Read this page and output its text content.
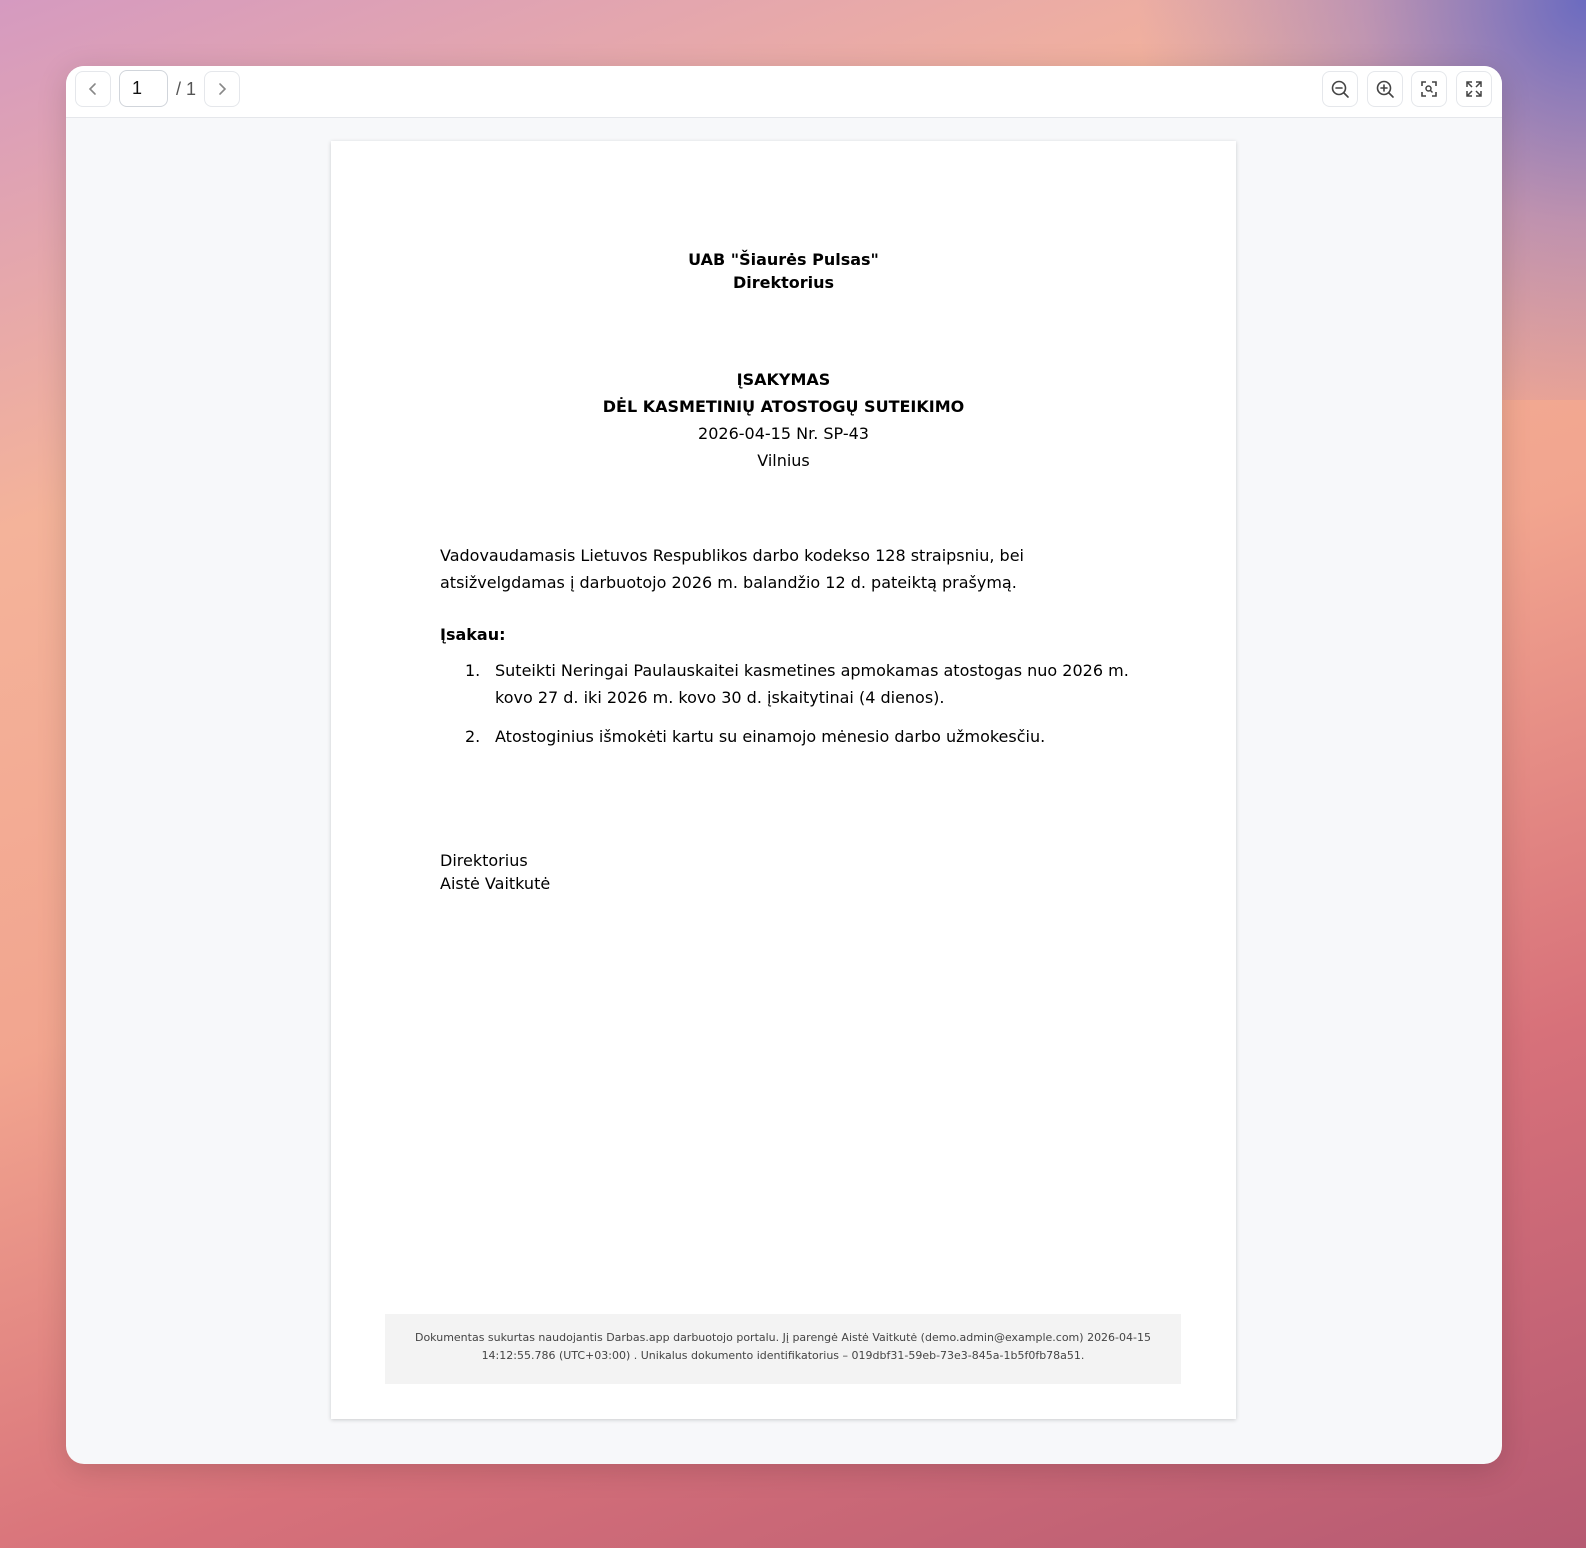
1	/ 1
UAB "Šiaurės Pulsas"
Direktorius
ĮSAKYMAS
DĖL KASMETINIŲ ATOSTOGŲ SUTEIKIMO
2026-04-15 Nr. SP-43
Vilnius
Vadovaudamasis Lietuvos Respublikos darbo kodekso 128 straipsniu, bei atsižvelgdamas į darbuotojo 2026 m. balandžio 12 d. pateiktą prašymą.
Įsakau:
1. Suteikti Neringai Paulauskaitei kasmetines apmokamas atostogas nuo 2026 m. kovo 27 d. iki 2026 m. kovo 30 d. įskaitytinai (4 dienos).
2. Atostoginius išmokėti kartu su einamojo mėnesio darbo užmokesčiu.
Direktorius
Aistė Vaitkutė
Dokumentas sukurtas naudojantis Darbas.app darbuotojo portalu. Jį parengė Aistė Vaitkutė (demo.admin@example.com) 2026-04-15 14:12:55.786 (UTC+03:00) . Unikalus dokumento identifikatorius – 019dbf31-59eb-73e3-845a-1b5f0fb78a51.
